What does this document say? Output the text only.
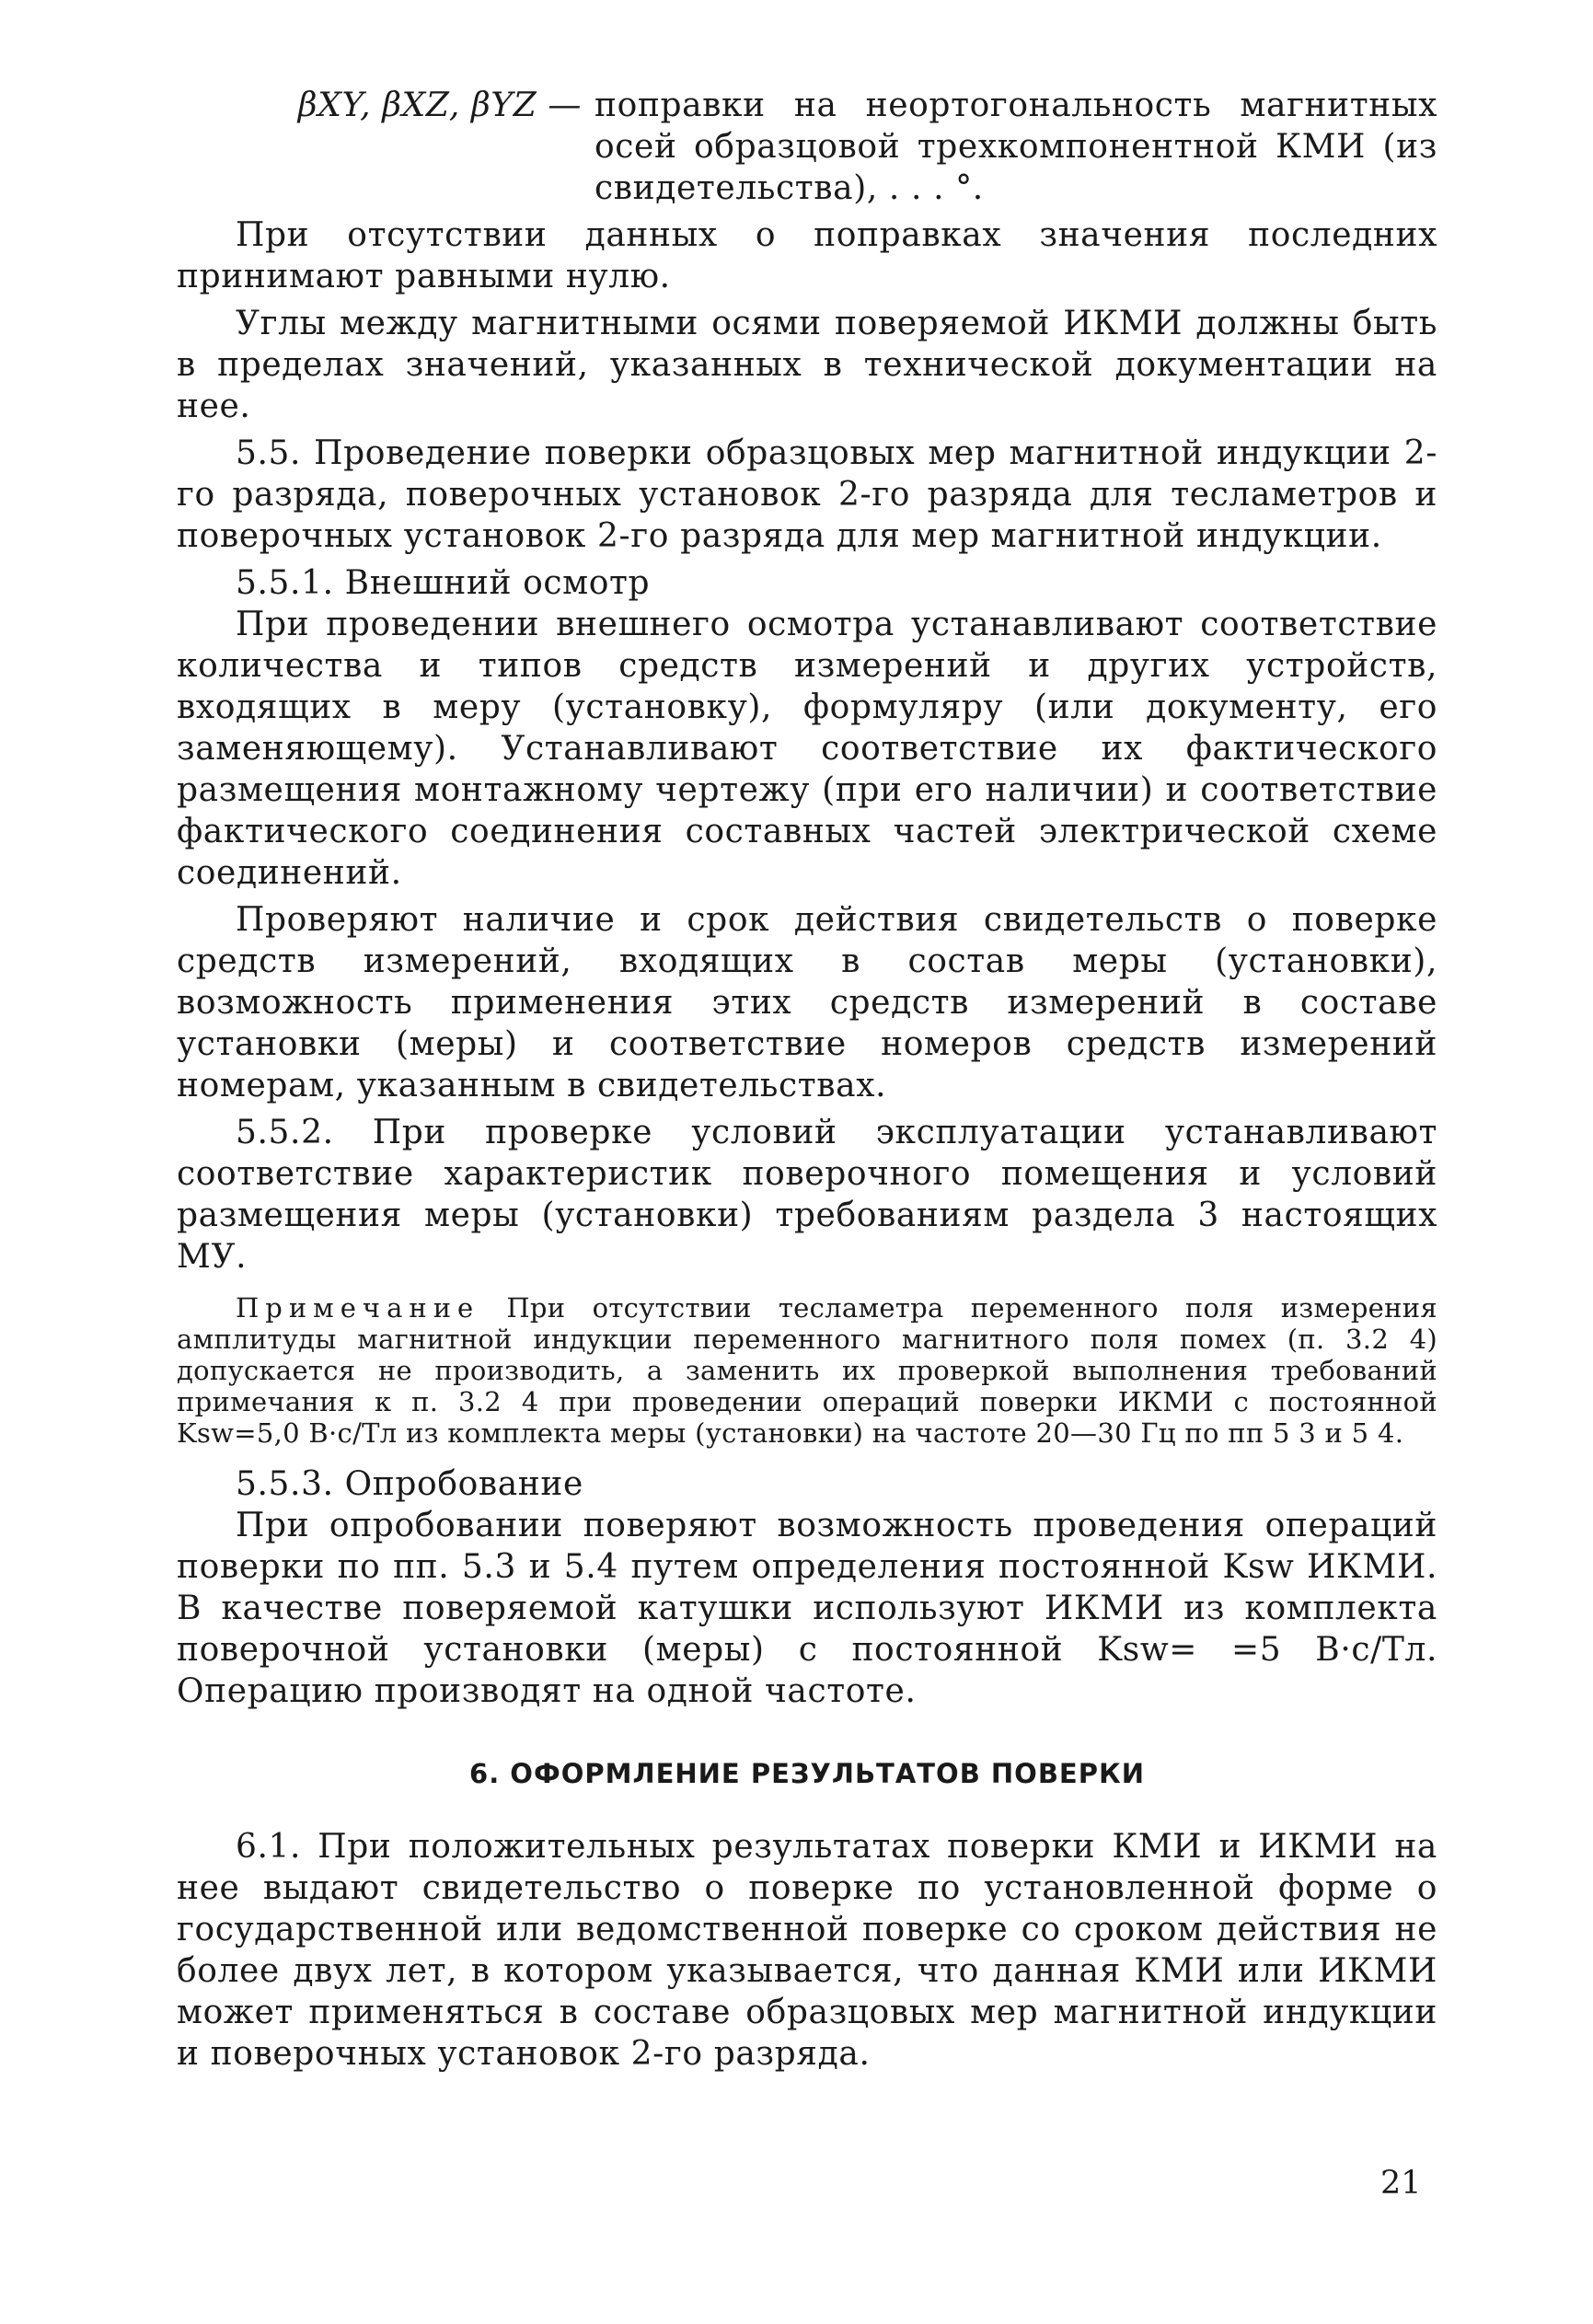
βXY, βXZ, βYZ — поправки на неортогональность магнитных осей образцовой трехкомпонентной КМИ (из свидетельства), . . . °.

При отсутствии данных о поправках значения последних принимают равными нулю.

Углы между магнитными осями поверяемой ИКМИ должны быть в пределах значений, указанных в технической документации на нее.

5.5. Проведение поверки образцовых мер магнитной индукции 2-го разряда, поверочных установок 2-го разряда для тесламетров и поверочных установок 2-го разряда для мер магнитной индукции.

5.5.1. Внешний осмотр

При проведении внешнего осмотра устанавливают соответствие количества и типов средств измерений и других устройств, входящих в меру (установку), формуляру (или документу, его заменяющему). Устанавливают соответствие их фактического размещения монтажному чертежу (при его наличии) и соответствие фактического соединения составных частей электрической схеме соединений.

Проверяют наличие и срок действия свидетельств о поверке средств измерений, входящих в состав меры (установки), возможность применения этих средств измерений в составе установки (меры) и соответствие номеров средств измерений номерам, указанным в свидетельствах.

5.5.2. При проверке условий эксплуатации устанавливают соответствие характеристик поверочного помещения и условий размещения меры (установки) требованиям раздела 3 настоящих МУ.

Примечание При отсутствии тесламетра переменного поля измерения амплитуды магнитной индукции переменного магнитного поля помех (п. 3.2 4) допускается не производить, а заменить их проверкой выполнения требований примечания к п. 3.2 4 при проведении операций поверки ИКМИ с постоянной Ksw=5,0 В·с/Тл из комплекта меры (установки) на частоте 20—30 Гц по пп 5 3 и 5 4.

5.5.3. Опробование

При опробовании поверяют возможность проведения операций поверки по пп. 5.3 и 5.4 путем определения постоянной Ksw ИКМИ. В качестве поверяемой катушки используют ИКМИ из комплекта поверочной установки (меры) с постоянной Ksw= =5 В·с/Тл. Операцию производят на одной частоте.

6. ОФОРМЛЕНИЕ РЕЗУЛЬТАТОВ ПОВЕРКИ

6.1. При положительных результатах поверки КМИ и ИКМИ на нее выдают свидетельство о поверке по установленной форме о государственной или ведомственной поверке со сроком действия не более двух лет, в котором указывается, что данная КМИ или ИКМИ может применяться в составе образцовых мер магнитной индукции и поверочных установок 2-го разряда.

21
